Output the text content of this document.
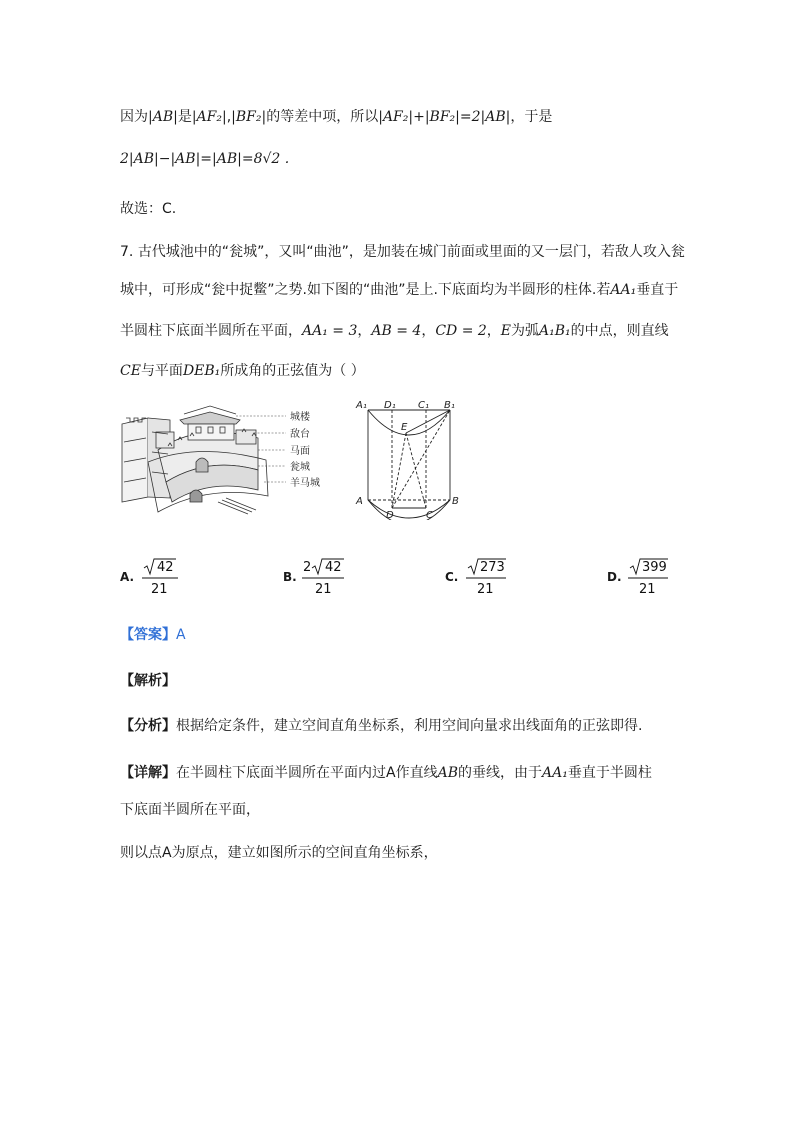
因为|AB|是|AF₂|,|BF₂|的等差中项，所以|AF₂|+|BF₂|=2|AB|，于是
2|AB|−|AB|=|AB|=8√2 .
故选：C.
7. 古代城池中的“瓮城”，又叫“曲池”，是加装在城门前面或里面的又一层门，若敌人攻入瓮
城中，可形成“瓮中捉鳖”之势.如下图的“曲池”是上.下底面均为半圆形的柱体.若AA₁垂直于
半圆柱下底面半圆所在平面，AA₁ = 3，AB = 4，CD = 2，E为弧A₁B₁的中点，则直线
CE与平面DEB₁所成角的正弦值为（ ）
城楼
敌台
马面
瓮城
羊马城
A₁ D₁ C₁ B₁
E
A
D	C
B
A.
42
21
B.
2 42
21
C.
273
21
D.
399
21
【答案】A
【解析】
【分析】根据给定条件，建立空间直角坐标系，利用空间向量求出线面角的正弦即得.
【详解】在半圆柱下底面半圆所在平面内过A作直线AB的垂线，由于AA₁垂直于半圆柱
下底面半圆所在平面，
则以点A为原点，建立如图所示的空间直角坐标系，
